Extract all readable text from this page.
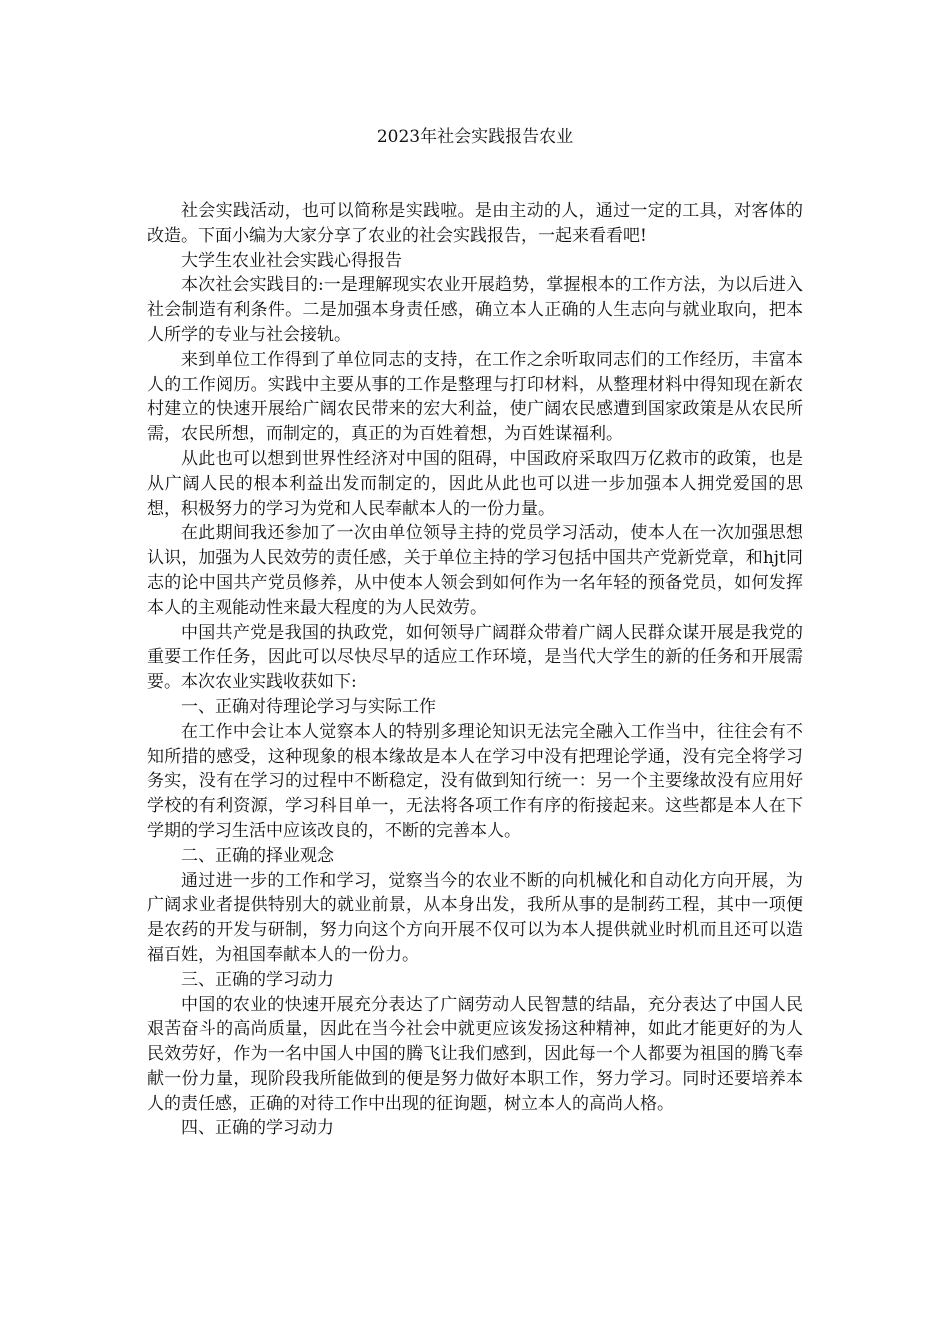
2023年社会实践报告农业

社会实践活动，也可以简称是实践啦。是由主动的人，通过一定的工具，对客体的改造。下面小编为大家分享了农业的社会实践报告，一起来看看吧!

大学生农业社会实践心得报告

本次社会实践目的:一是理解现实农业开展趋势，掌握根本的工作方法，为以后进入社会制造有利条件。二是加强本身责任感，确立本人正确的人生志向与就业取向，把本人所学的专业与社会接轨。

来到单位工作得到了单位同志的支持，在工作之余听取同志们的工作经历，丰富本人的工作阅历。实践中主要从事的工作是整理与打印材料，从整理材料中得知现在新农村建立的快速开展给广阔农民带来的宏大利益，使广阔农民感遭到国家政策是从农民所需，农民所想，而制定的，真正的为百姓着想，为百姓谋福利。

从此也可以想到世界性经济对中国的阻碍，中国政府采取四万亿救市的政策，也是从广阔人民的根本利益出发而制定的，因此从此也可以进一步加强本人拥党爱国的思想，积极努力的学习为党和人民奉献本人的一份力量。

在此期间我还参加了一次由单位领导主持的党员学习活动，使本人在一次加强思想认识，加强为人民效劳的责任感，关于单位主持的学习包括中国共产党新党章，和hjt同志的论中国共产党员修养，从中使本人领会到如何作为一名年轻的预备党员，如何发挥本人的主观能动性来最大程度的为人民效劳。

中国共产党是我国的执政党，如何领导广阔群众带着广阔人民群众谋开展是我党的重要工作任务，因此可以尽快尽早的适应工作环境，是当代大学生的新的任务和开展需要。本次农业实践收获如下:

一、正确对待理论学习与实际工作

在工作中会让本人觉察本人的特别多理论知识无法完全融入工作当中，往往会有不知所措的感受，这种现象的根本缘故是本人在学习中没有把理论学通，没有完全将学习务实，没有在学习的过程中不断稳定，没有做到知行统一：另一个主要缘故没有应用好学校的有利资源，学习科目单一，无法将各项工作有序的衔接起来。这些都是本人在下学期的学习生活中应该改良的，不断的完善本人。

二、正确的择业观念

通过进一步的工作和学习，觉察当今的农业不断的向机械化和自动化方向开展，为广阔求业者提供特别大的就业前景，从本身出发，我所从事的是制药工程，其中一项便是农药的开发与研制，努力向这个方向开展不仅可以为本人提供就业时机而且还可以造福百姓，为祖国奉献本人的一份力。

三、正确的学习动力

中国的农业的快速开展充分表达了广阔劳动人民智慧的结晶，充分表达了中国人民艰苦奋斗的高尚质量，因此在当今社会中就更应该发扬这种精神，如此才能更好的为人民效劳好，作为一名中国人中国的腾飞让我们感到，因此每一个人都要为祖国的腾飞奉献一份力量，现阶段我所能做到的便是努力做好本职工作，努力学习。同时还要培养本人的责任感，正确的对待工作中出现的征询题，树立本人的高尚人格。

四、正确的学习动力
